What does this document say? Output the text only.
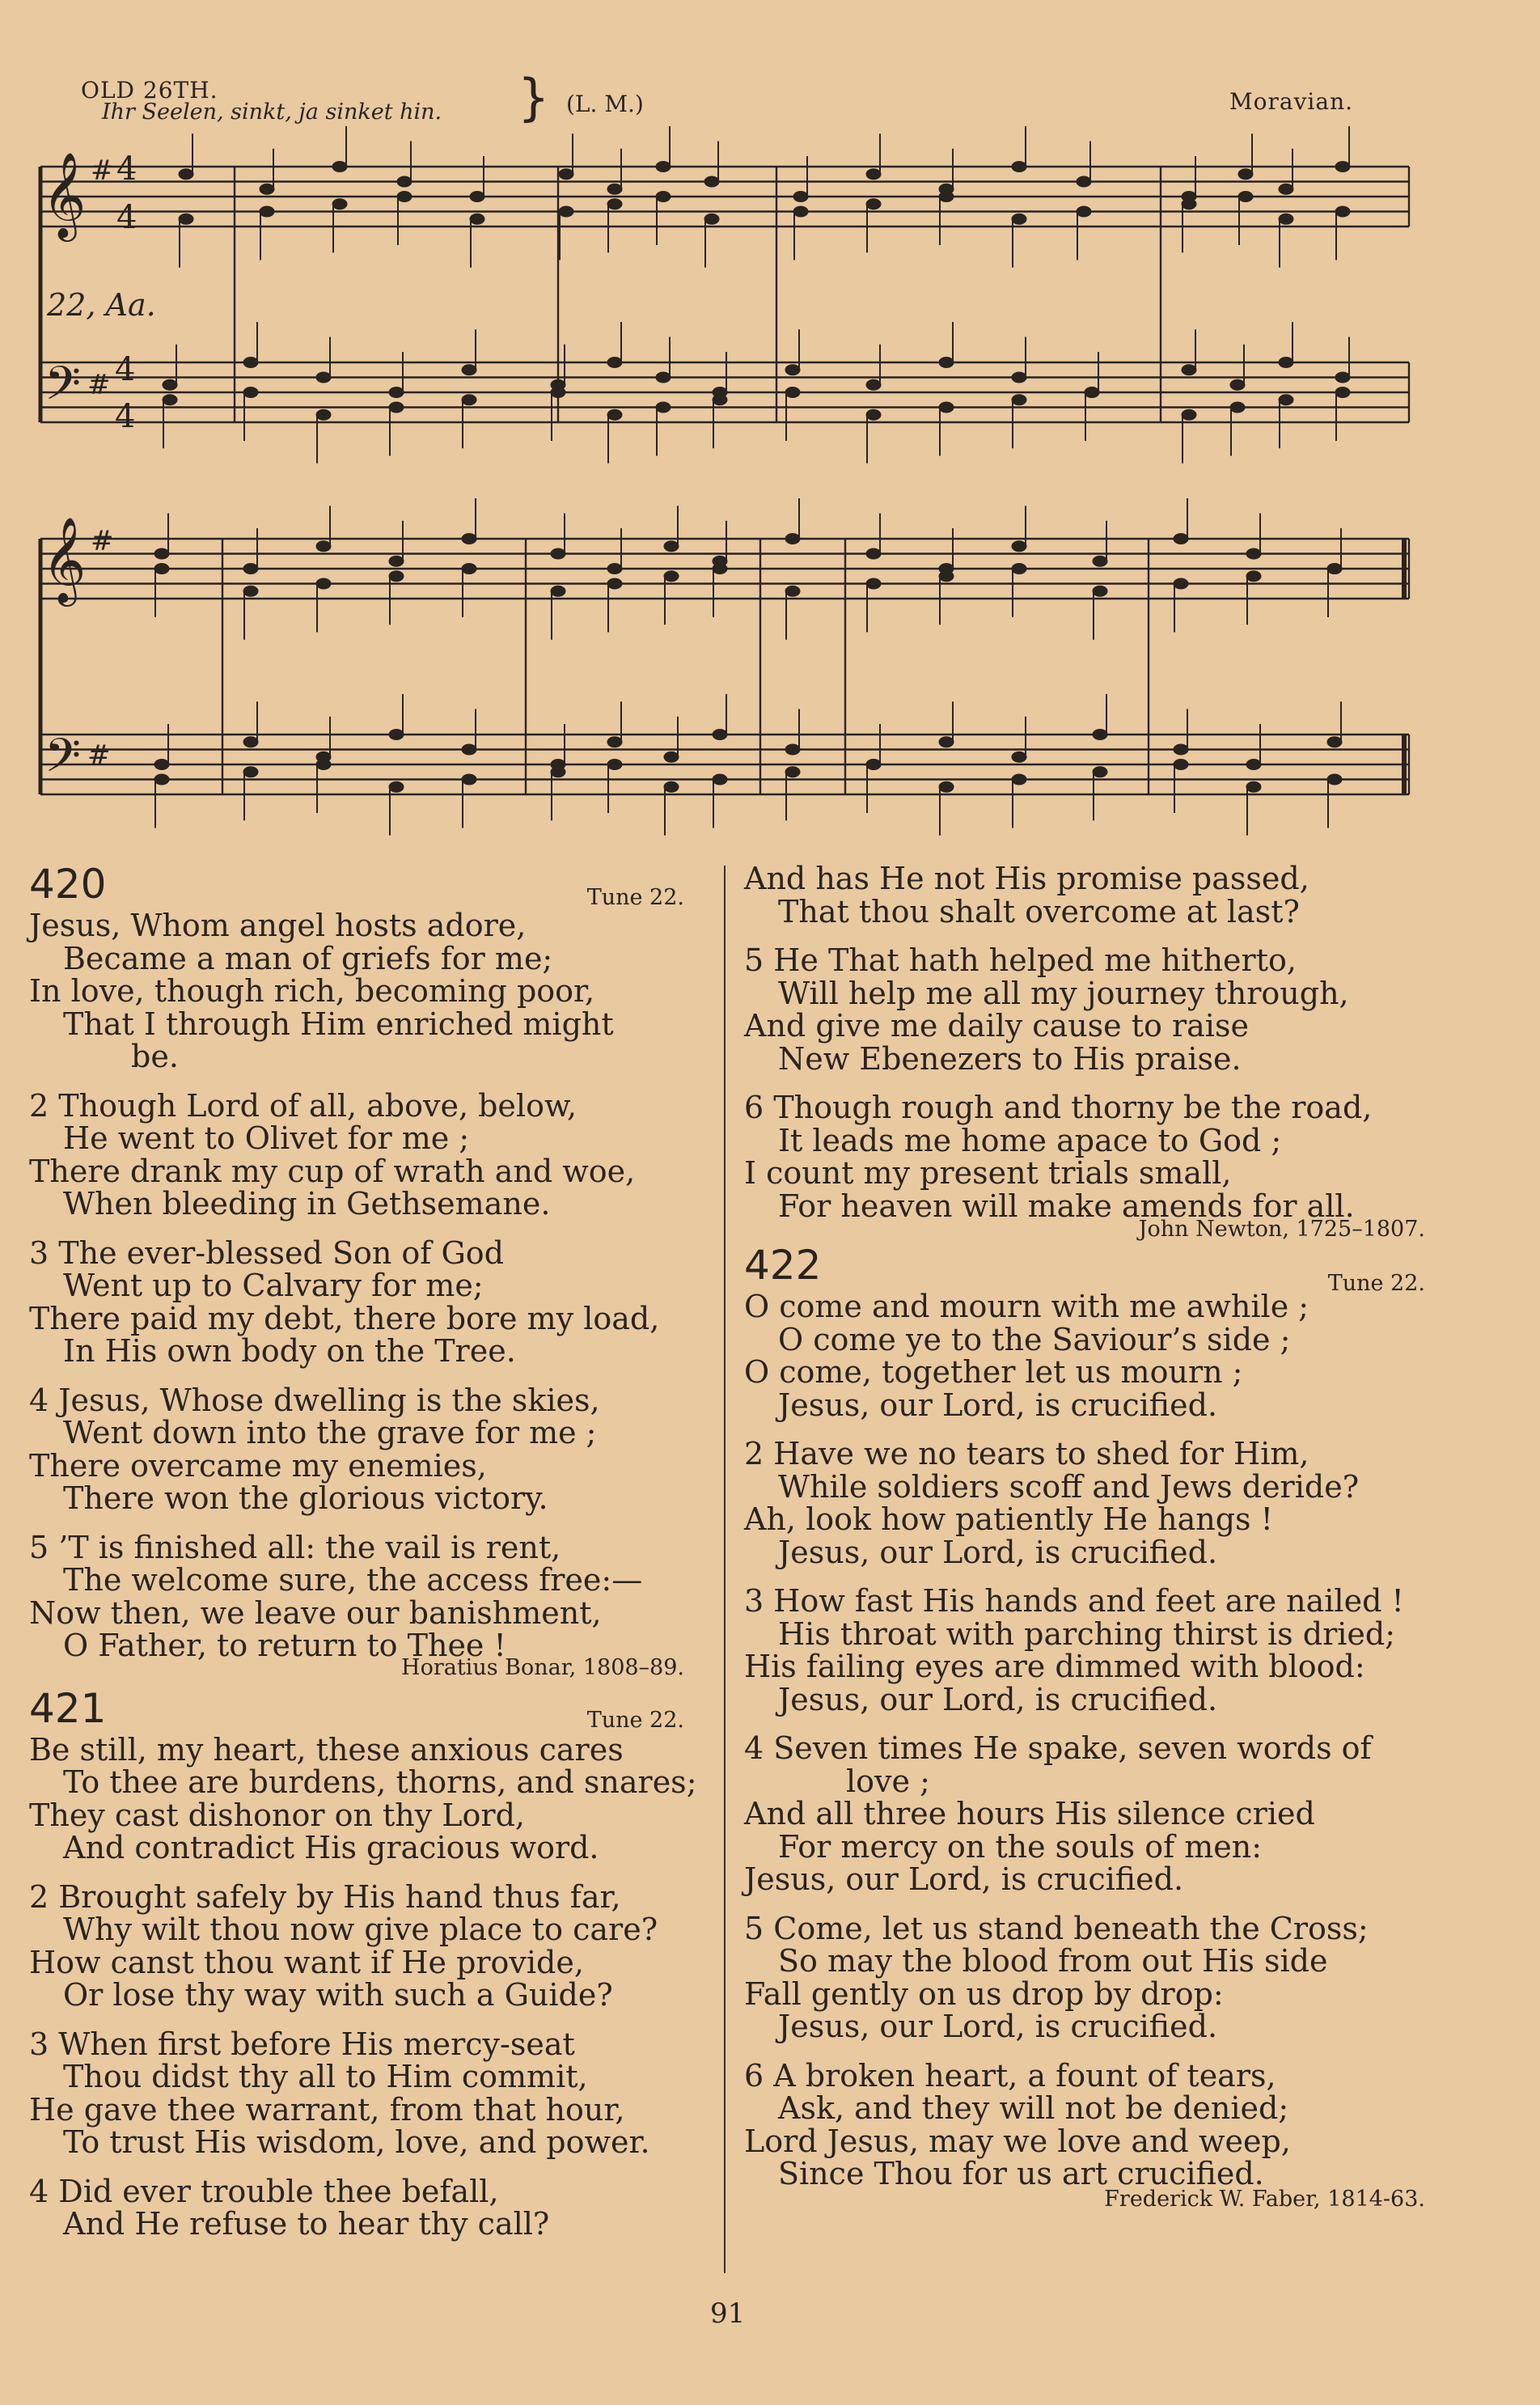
OLD 26TH.
Ihr Seelen, sinkt, ja sinket hin. } (L. M.)	Moravian.
𝄞
𝄞
𝄢
𝄢
#
#
#
#
4
4
4
4
22, Aa.
420	Tune 22.
Jesus, Whom angel hosts adore,
Became a man of griefs for me;
In love, though rich, becoming poor,
That I through Him enriched might
be.
2 Though Lord of all, above, below,
He went to Olivet for me ;
There drank my cup of wrath and woe,
When bleeding in Gethsemane.
3 The ever-blessed Son of God
Went up to Calvary for me;
There paid my debt, there bore my load,
In His own body on the Tree.
4 Jesus, Whose dwelling is the skies,
Went down into the grave for me ;
There overcame my enemies,
There won the glorious victory.
5 ’T is finished all: the vail is rent,
The welcome sure, the access free:—
Now then, we leave our banishment,
O Father, to return to Thee !
Horatius Bonar, 1808–89.
421	Tune 22.
Be still, my heart, these anxious cares
To thee are burdens, thorns, and snares;
They cast dishonor on thy Lord,
And contradict His gracious word.
2 Brought safely by His hand thus far,
Why wilt thou now give place to care?
How canst thou want if He provide,
Or lose thy way with such a Guide?
3 When first before His mercy-seat
Thou didst thy all to Him commit,
He gave thee warrant, from that hour,
To trust His wisdom, love, and power.
4 Did ever trouble thee befall,
And He refuse to hear thy call?
And has He not His promise passed,
That thou shalt overcome at last?
5 He That hath helped me hitherto,
Will help me all my journey through,
And give me daily cause to raise
New Ebenezers to His praise.
6 Though rough and thorny be the road,
It leads me home apace to God ;
I count my present trials small,
For heaven will make amends for all.
John Newton, 1725–1807.
422	Tune 22.
O come and mourn with me awhile ;
O come ye to the Saviour’s side ;
O come, together let us mourn ;
Jesus, our Lord, is crucified.
2 Have we no tears to shed for Him,
While soldiers scoff and Jews deride?
Ah, look how patiently He hangs !
Jesus, our Lord, is crucified.
3 How fast His hands and feet are nailed !
His throat with parching thirst is dried;
His failing eyes are dimmed with blood:
Jesus, our Lord, is crucified.
4 Seven times He spake, seven words of
love ;
And all three hours His silence cried
For mercy on the souls of men:
Jesus, our Lord, is crucified.
5 Come, let us stand beneath the Cross;
So may the blood from out His side
Fall gently on us drop by drop:
Jesus, our Lord, is crucified.
6 A broken heart, a fount of tears,
Ask, and they will not be denied;
Lord Jesus, may we love and weep,
Since Thou for us art crucified.
Frederick W. Faber, 1814-63.
91
